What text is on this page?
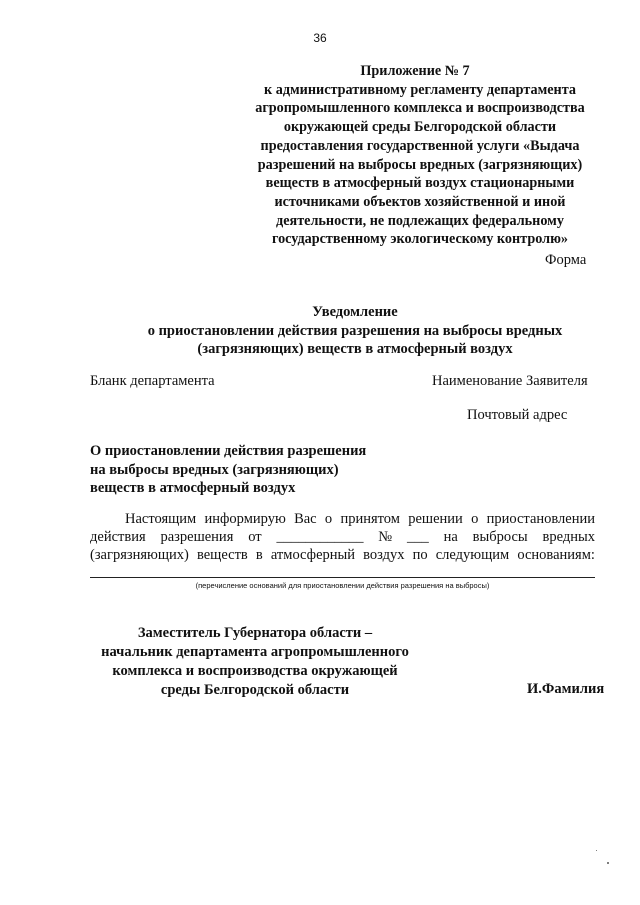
36
Приложение № 7
к административному регламенту департамента
агропромышленного комплекса и воспроизводства
окружающей среды Белгородской области
предоставления государственной услуги «Выдача
разрешений на выбросы вредных (загрязняющих)
веществ в атмосферный воздух стационарными
источниками объектов хозяйственной и иной
деятельности, не подлежащих федеральному
государственному экологическому контролю»
Форма
Уведомление
о приостановлении действия разрешения на выбросы вредных
(загрязняющих) веществ в атмосферный воздух
Бланк департамента	Наименование Заявителя
Почтовый адрес
О приостановлении действия разрешения
на выбросы вредных (загрязняющих)
веществ в атмосферный воздух
Настоящим информирую Вас о принятом решении о приостановлении
действия разрешения от ____________ № ___ на выбросы вредных
(загрязняющих) веществ в атмосферный воздух по следующим основаниям:
(перечисление оснований для приостановлении действия разрешения на выбросы)
Заместитель Губернатора области –
начальник департамента агропромышленного
комплекса и воспроизводства окружающей
среды Белгородской области	И.Фамилия
